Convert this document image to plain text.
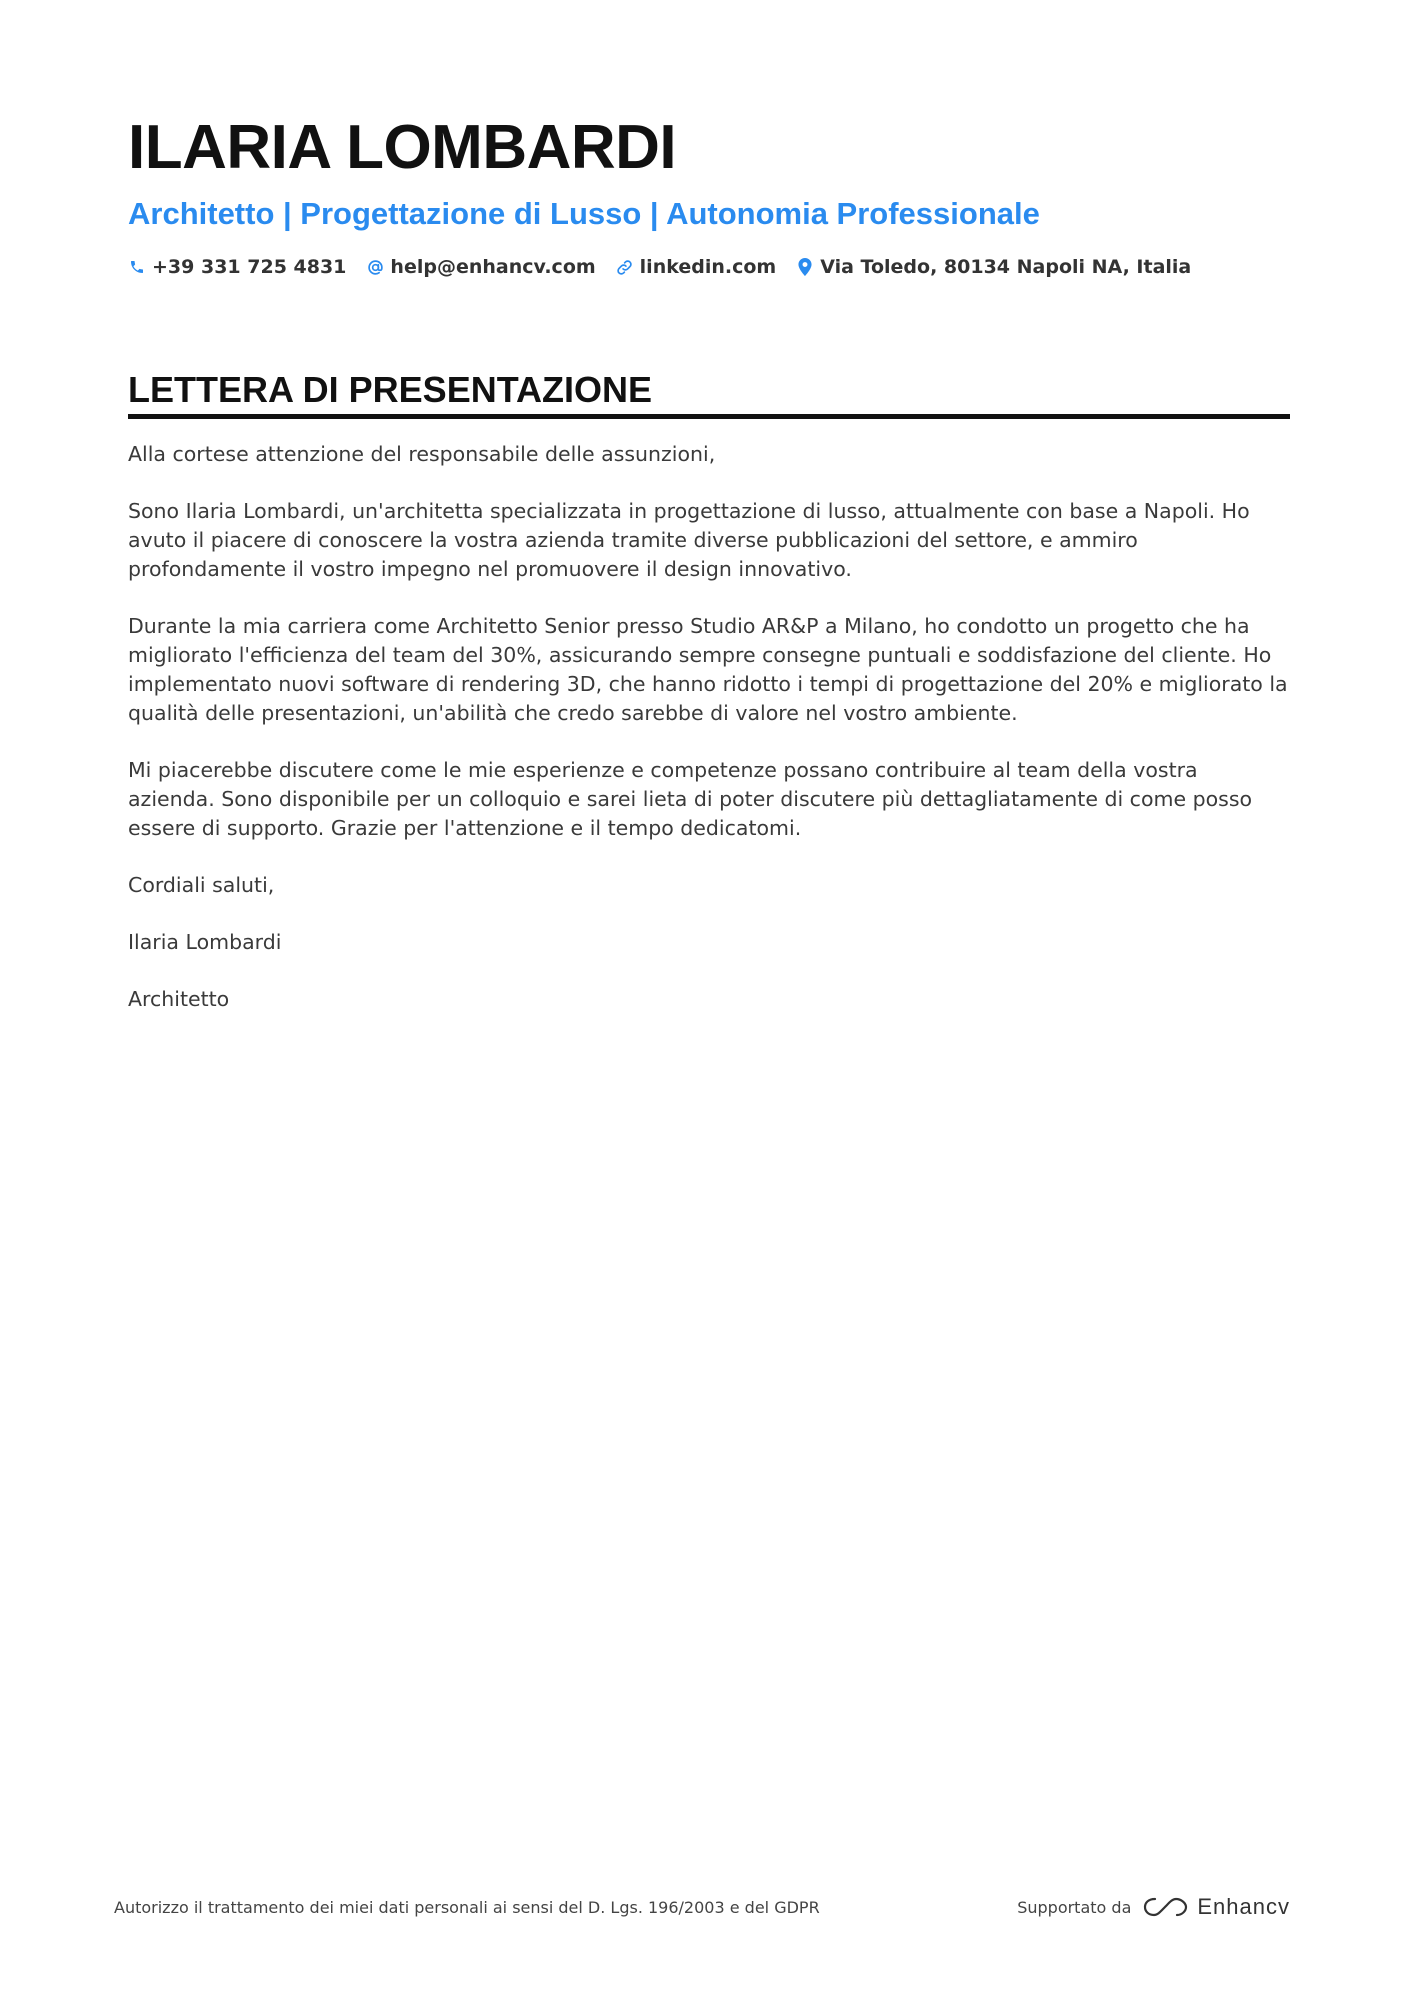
ILARIA LOMBARDI
Architetto | Progettazione di Lusso | Autonomia Professionale
+39 331 725 4831 help@enhancv.com linkedin.com Via Toledo, 80134 Napoli NA, Italia
LETTERA DI PRESENTAZIONE

Alla cortese attenzione del responsabile delle assunzioni,

Sono Ilaria Lombardi, un'architetta specializzata in progettazione di lusso, attualmente con base a Napoli. Ho avuto il piacere di conoscere la vostra azienda tramite diverse pubblicazioni del settore, e ammiro profondamente il vostro impegno nel promuovere il design innovativo.

Durante la mia carriera come Architetto Senior presso Studio AR&P a Milano, ho condotto un progetto che ha migliorato l'efficienza del team del 30%, assicurando sempre consegne puntuali e soddisfazione del cliente. Ho implementato nuovi software di rendering 3D, che hanno ridotto i tempi di progettazione del 20% e migliorato la qualità delle presentazioni, un'abilità che credo sarebbe di valore nel vostro ambiente.

Mi piacerebbe discutere come le mie esperienze e competenze possano contribuire al team della vostra azienda. Sono disponibile per un colloquio e sarei lieta di poter discutere più dettagliatamente di come posso essere di supporto. Grazie per l'attenzione e il tempo dedicatomi.

Cordiali saluti,

Ilaria Lombardi

Architetto

Autorizzo il trattamento dei miei dati personali ai sensi del D. Lgs. 196/2003 e del GDPR	Supportato da	Enhancv
